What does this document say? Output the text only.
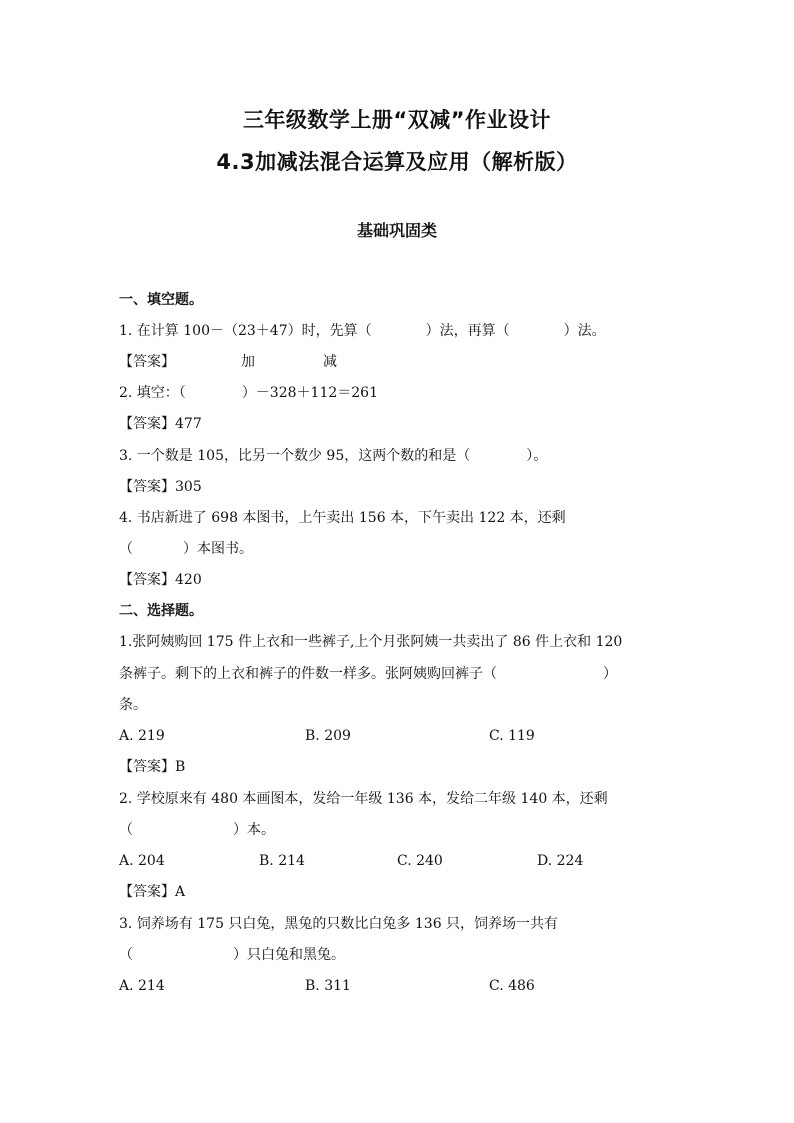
三年级数学上册“双减”作业设计
4.3加减法混合运算及应用（解析版）
基础巩固类
一、填空题。
1. 在计算 100－（23＋47）时，先算（	）法，再算（	）法。
【答案】	加	减
2. 填空：（	）－328＋112＝261
【答案】477
3. 一个数是 105，比另一个数少 95，这两个数的和是（	）。
【答案】305
4. 书店新进了 698 本图书，上午卖出 156 本，下午卖出 122 本，还剩
（	）本图书。
【答案】420
二、选择题。
1.张阿姨购回 175 件上衣和一些裤子,上个月张阿姨一共卖出了 86 件上衣和 120
条裤子。剩下的上衣和裤子的件数一样多。张阿姨购回裤子（	）
条。
A. 219	B. 209	C. 119
【答案】B
2. 学校原来有 480 本画图本，发给一年级 136 本，发给二年级 140 本，还剩
（	）本。
A. 204	B. 214	C. 240	D. 224
【答案】A
3. 饲养场有 175 只白兔，黑兔的只数比白兔多 136 只，饲养场一共有
（	）只白兔和黑兔。
A. 214	B. 311	C. 486
